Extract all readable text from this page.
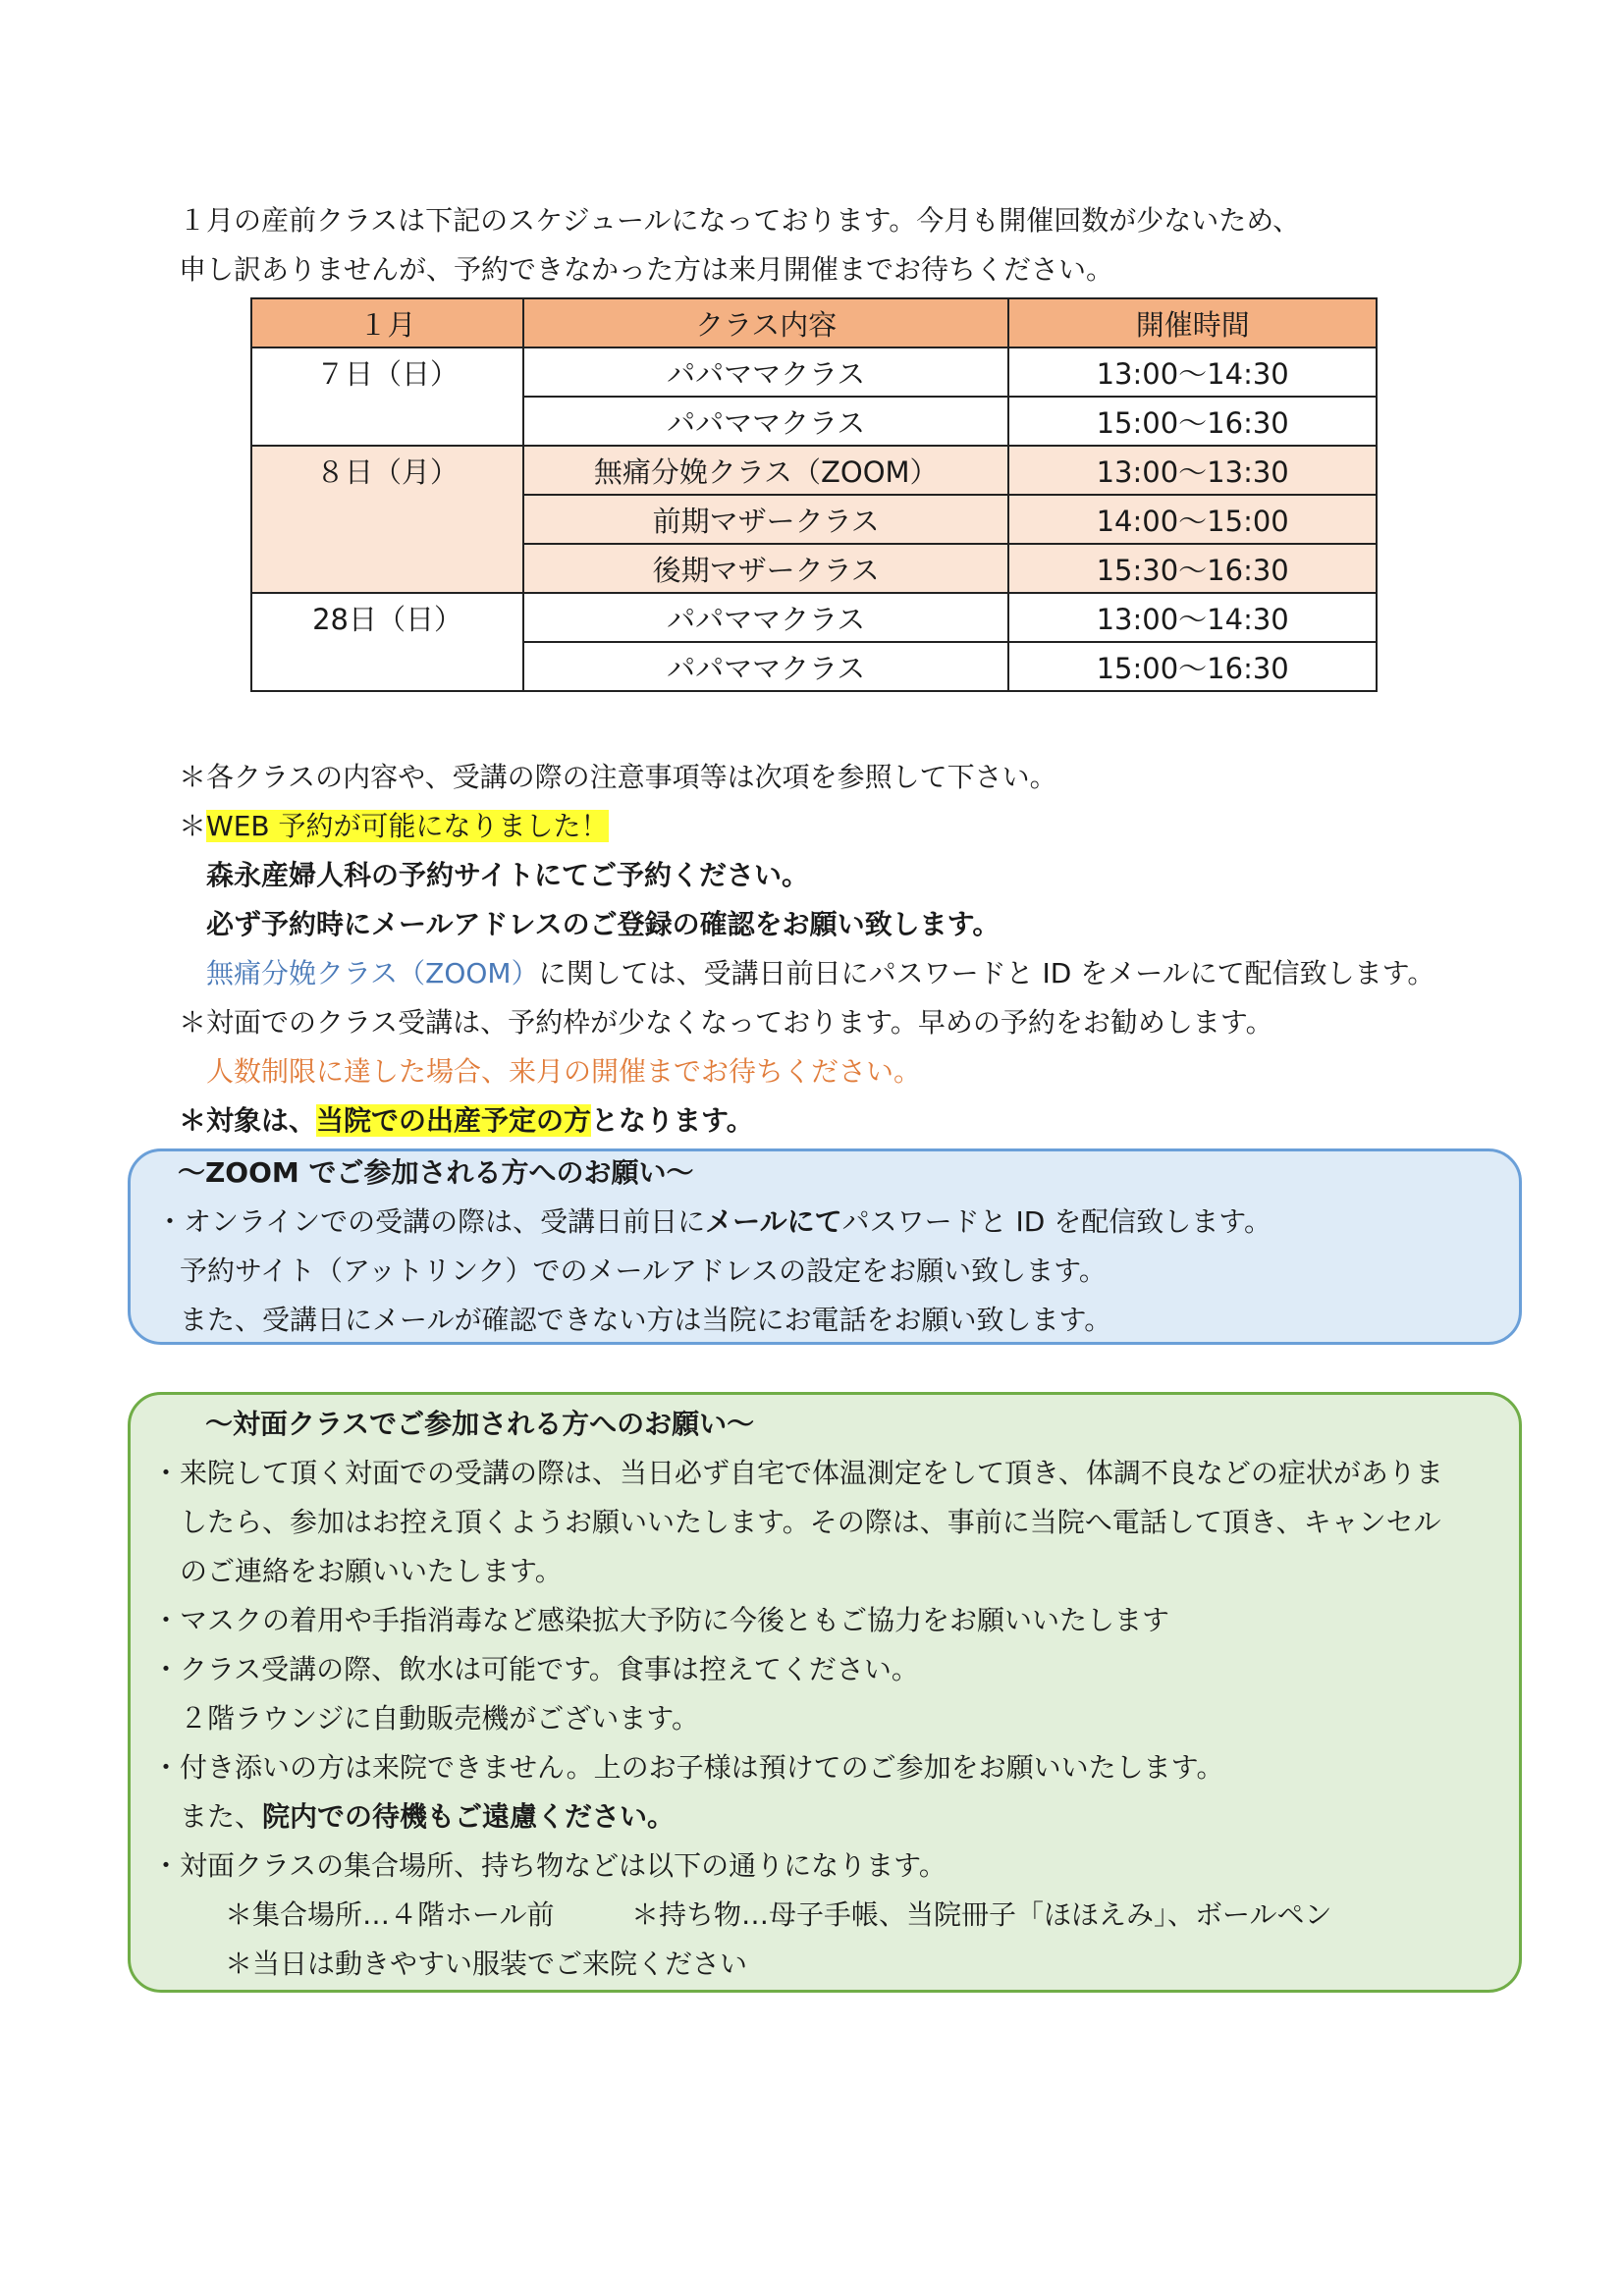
１月の産前クラスは下記のスケジュールになっております。今月も開催回数が少ないため、
申し訳ありませんが、予約できなかった方は来月開催までお待ちください。
１月	クラス内容	開催時間
７日（日）	パパママクラス	13:00～14:30
	パパママクラス	15:00～16:30
８日（月）	無痛分娩クラス（ZOOM）	13:00～13:30
	前期マザークラス	14:00～15:00
	後期マザークラス	15:30～16:30
28日（日）	パパママクラス	13:00～14:30
	パパママクラス	15:00～16:30
＊各クラスの内容や、受講の際の注意事項等は次項を参照して下さい。
＊WEB 予約が可能になりました！
森永産婦人科の予約サイトにてご予約ください。
必ず予約時にメールアドレスのご登録の確認をお願い致します。
無痛分娩クラス（ZOOM）に関しては、受講日前日にパスワードと ID をメールにて配信致します。
＊対面でのクラス受講は、予約枠が少なくなっております。早めの予約をお勧めします。
人数制限に達した場合、来月の開催までお待ちください。
＊対象は、当院での出産予定の方となります。
～ZOOM でご参加される方へのお願い～
・オンラインでの受講の際は、受講日前日にメールにてパスワードと ID を配信致します。
予約サイト（アットリンク）でのメールアドレスの設定をお願い致します。
また、受講日にメールが確認できない方は当院にお電話をお願い致します。
～対面クラスでご参加される方へのお願い～
・来院して頂く対面での受講の際は、当日必ず自宅で体温測定をして頂き、体調不良などの症状がありま
したら、参加はお控え頂くようお願いいたします。その際は、事前に当院へ電話して頂き、キャンセル
のご連絡をお願いいたします。
・マスクの着用や手指消毒など感染拡大予防に今後ともご協力をお願いいたします
・クラス受講の際、飲水は可能です。食事は控えてください。
２階ラウンジに自動販売機がございます。
・付き添いの方は来院できません。上のお子様は預けてのご参加をお願いいたします。
また、院内での待機もご遠慮ください。
・対面クラスの集合場所、持ち物などは以下の通りになります。
＊集合場所…４階ホール前	＊持ち物…母子手帳、当院冊子「ほほえみ」、ボールペン
＊当日は動きやすい服装でご来院ください
